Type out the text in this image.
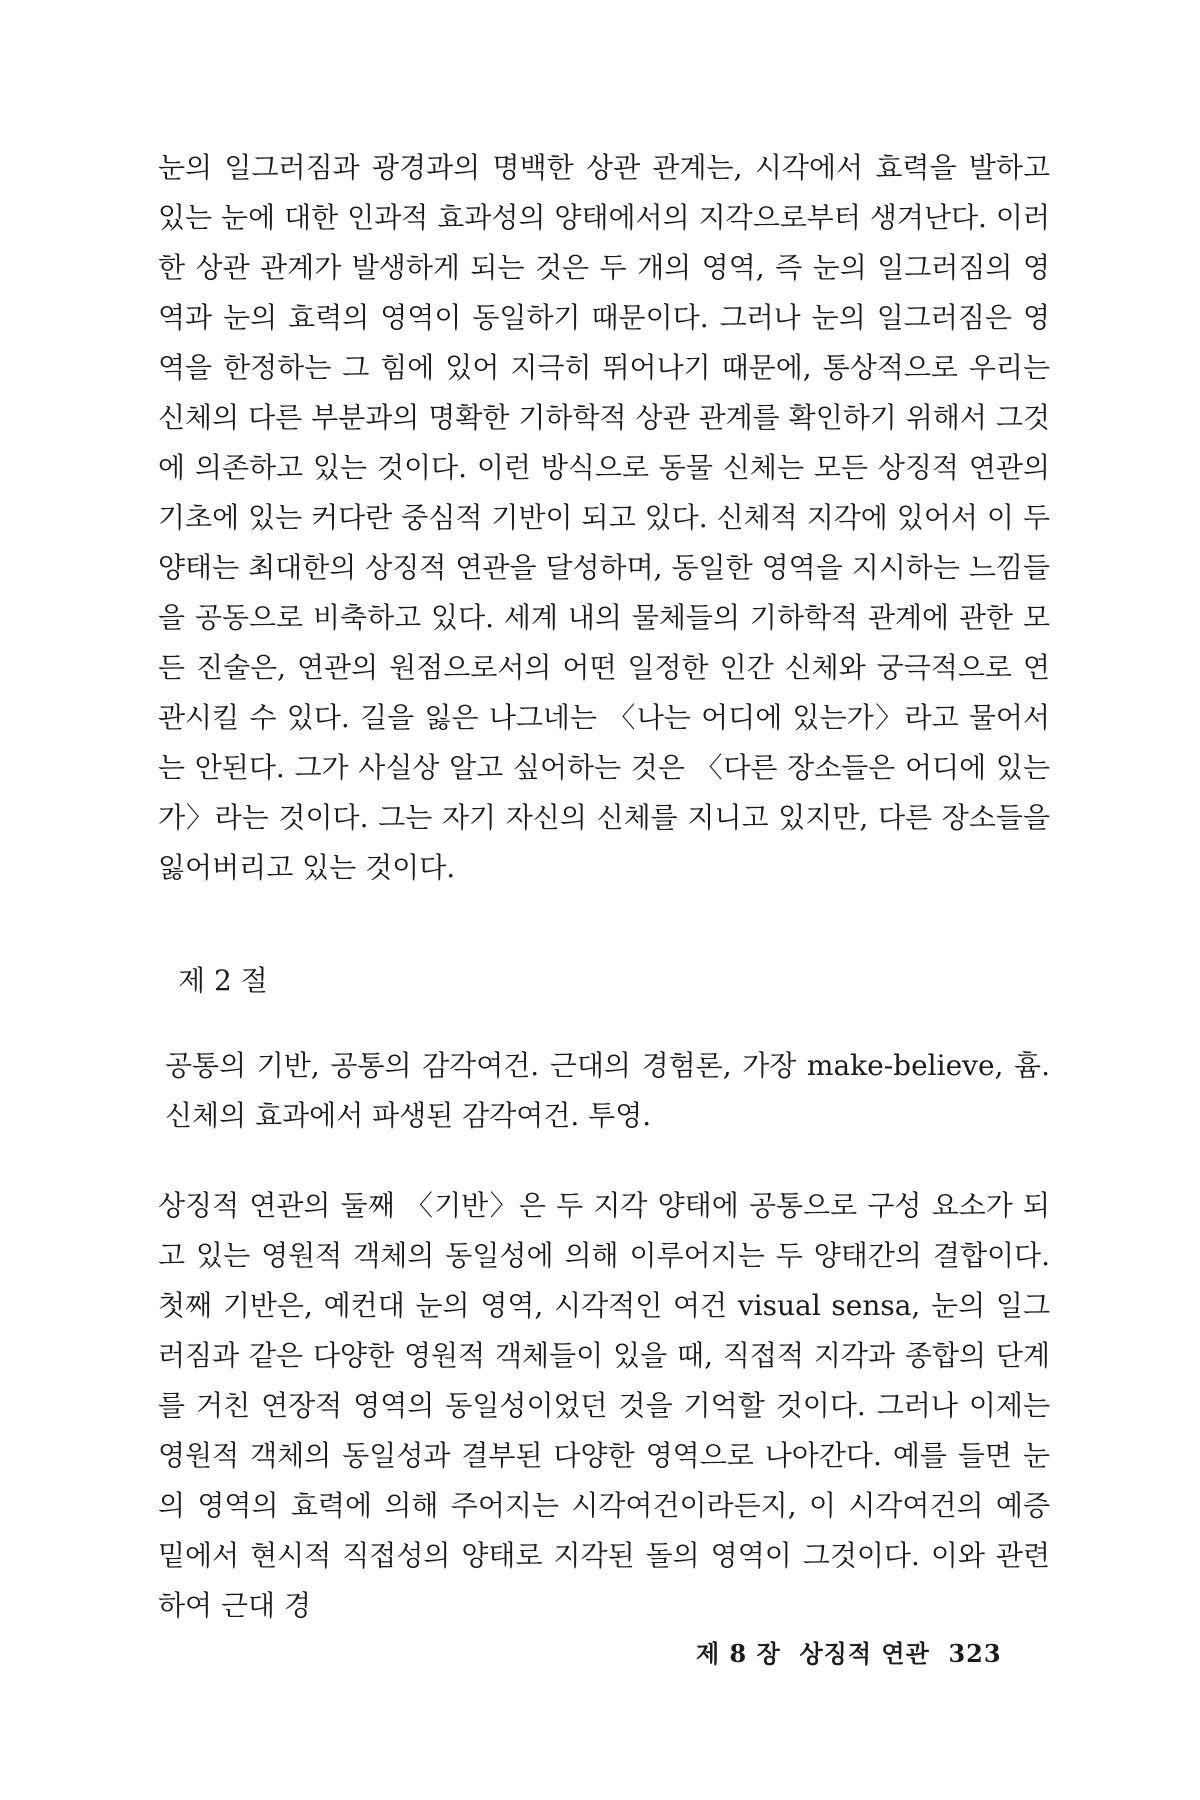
눈의 일그러짐과 광경과의 명백한 상관 관계는, 시각에서 효력을 발하고 있는 눈에 대한 인과적 효과성의 양태에서의 지각으로부터 생겨난다. 이러한 상관 관계가 발생하게 되는 것은 두 개의 영역, 즉 눈의 일그러짐의 영역과 눈의 효력의 영역이 동일하기 때문이다. 그러나 눈의 일그러짐은 영역을 한정하는 그 힘에 있어 지극히 뛰어나기 때문에, 통상적으로 우리는 신체의 다른 부분과의 명확한 기하학적 상관 관계를 확인하기 위해서 그것에 의존하고 있는 것이다. 이런 방식으로 동물 신체는 모든 상징적 연관의 기초에 있는 커다란 중심적 기반이 되고 있다. 신체적 지각에 있어서 이 두 양태는 최대한의 상징적 연관을 달성하며, 동일한 영역을 지시하는 느낌들을 공동으로 비축하고 있다. 세계 내의 물체들의 기하학적 관계에 관한 모든 진술은, 연관의 원점으로서의 어떤 일정한 인간 신체와 궁극적으로 연관시킬 수 있다. 길을 잃은 나그네는 〈나는 어디에 있는가〉라고 물어서는 안된다. 그가 사실상 알고 싶어하는 것은 〈다른 장소들은 어디에 있는가〉라는 것이다. 그는 자기 자신의 신체를 지니고 있지만, 다른 장소들을 잃어버리고 있는 것이다.

제 2 절

공통의 기반, 공통의 감각여건. 근대의 경험론, 가장 make-believe, 흄. 신체의 효과에서 파생된 감각여건. 투영.

상징적 연관의 둘째 〈기반〉은 두 지각 양태에 공통으로 구성 요소가 되고 있는 영원적 객체의 동일성에 의해 이루어지는 두 양태간의 결합이다. 첫째 기반은, 예컨대 눈의 영역, 시각적인 여건 visual sensa, 눈의 일그러짐과 같은 다양한 영원적 객체들이 있을 때, 직접적 지각과 종합의 단계를 거친 연장적 영역의 동일성이었던 것을 기억할 것이다. 그러나 이제는 영원적 객체의 동일성과 결부된 다양한 영역으로 나아간다. 예를 들면 눈의 영역의 효력에 의해 주어지는 시각여건이라든지, 이 시각여건의 예증 밑에서 현시적 직접성의 양태로 지각된 돌의 영역이 그것이다. 이와 관련하여 근대 경

제 8 장  상징적 연관  323
